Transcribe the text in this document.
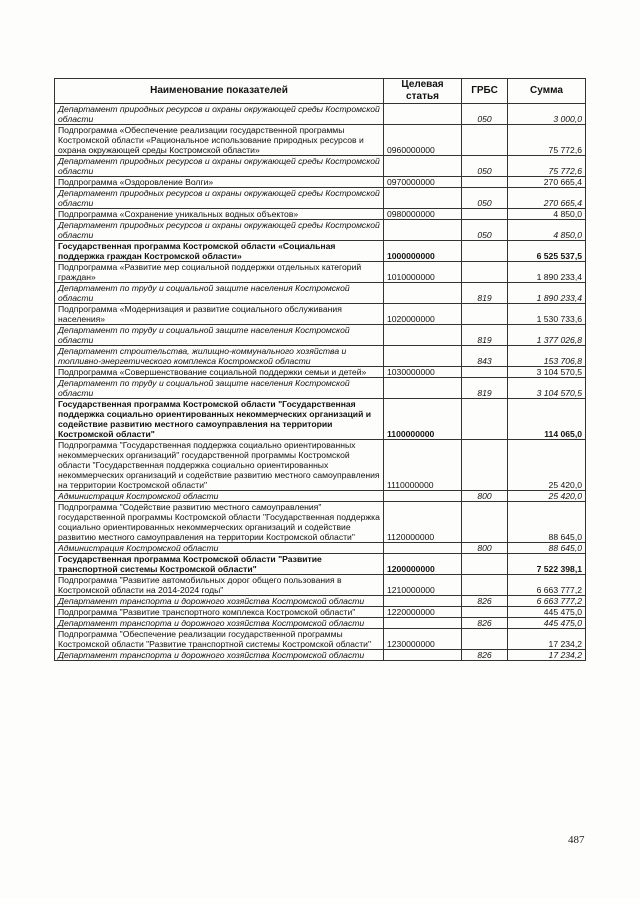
Наименование показателей	Целевая статья	ГРБС	Сумма
Департамент природных ресурсов и охраны окружающей среды Костромской области		050	3 000,0
Подпрограмма «Обеспечение реализации государственной программы Костромской области «Рациональное использование природных ресурсов и охрана окружающей среды Костромской области»	0960000000		75 772,6
Департамент природных ресурсов и охраны окружающей среды Костромской области		050	75 772,6
Подпрограмма «Оздоровление Волги»	0970000000		270 665,4
Департамент природных ресурсов и охраны окружающей среды Костромской области		050	270 665,4
Подпрограмма «Сохранение уникальных водных объектов»	0980000000		4 850,0
Департамент природных ресурсов и охраны окружающей среды Костромской области		050	4 850,0
Государственная программа Костромской области «Социальная поддержка граждан Костромской области»	1000000000		6 525 537,5
Подпрограмма «Развитие мер социальной поддержки отдельных категорий граждан»	1010000000		1 890 233,4
Департамент по труду и социальной защите населения Костромской области		819	1 890 233,4
Подпрограмма «Модернизация и развитие социального обслуживания населения»	1020000000		1 530 733,6
Департамент по труду и социальной защите населения Костромской области		819	1 377 026,8
Департамент строительства, жилищно-коммунального хозяйства и топливно-энергетического комплекса Костромской области		843	153 706,8
Подпрограмма «Совершенствование социальной поддержки семьи и детей»	1030000000		3 104 570,5
Департамент по труду и социальной защите населения Костромской области		819	3 104 570,5
Государственная программа Костромской области "Государственная поддержка социально ориентированных некоммерческих организаций и содействие развитию местного самоуправления на территории Костромской области"	1100000000		114 065,0
Подпрограмма "Государственная поддержка социально ориентированных некоммерческих организаций" государственной программы Костромской области "Государственная поддержка социально ориентированных некоммерческих организаций и содействие развитию местного самоуправления на территории Костромской области"	1110000000		25 420,0
Администрация Костромской области		800	25 420,0
Подпрограмма "Содействие развитию местного самоуправления" государственной программы Костромской области "Государственная поддержка социально ориентированных некоммерческих организаций и содействие развитию местного самоуправления на территории Костромской области"	1120000000		88 645,0
Администрация Костромской области		800	88 645,0
Государственная программа Костромской области "Развитие транспортной системы Костромской области"	1200000000		7 522 398,1
Подпрограмма "Развитие автомобильных дорог общего пользования в Костромской области на 2014-2024 годы"	1210000000		6 663 777,2
Департамент транспорта и дорожного хозяйства Костромской области		826	6 663 777,2
Подпрограмма "Развитие транспортного комплекса Костромской области"	1220000000		445 475,0
Департамент транспорта и дорожного хозяйства Костромской области		826	445 475,0
Подпрограмма "Обеспечение реализации государственной программы Костромской области "Развитие транспортной системы Костромской области"	1230000000		17 234,2
Департамент транспорта и дорожного хозяйства Костромской области		826	17 234,2
487
